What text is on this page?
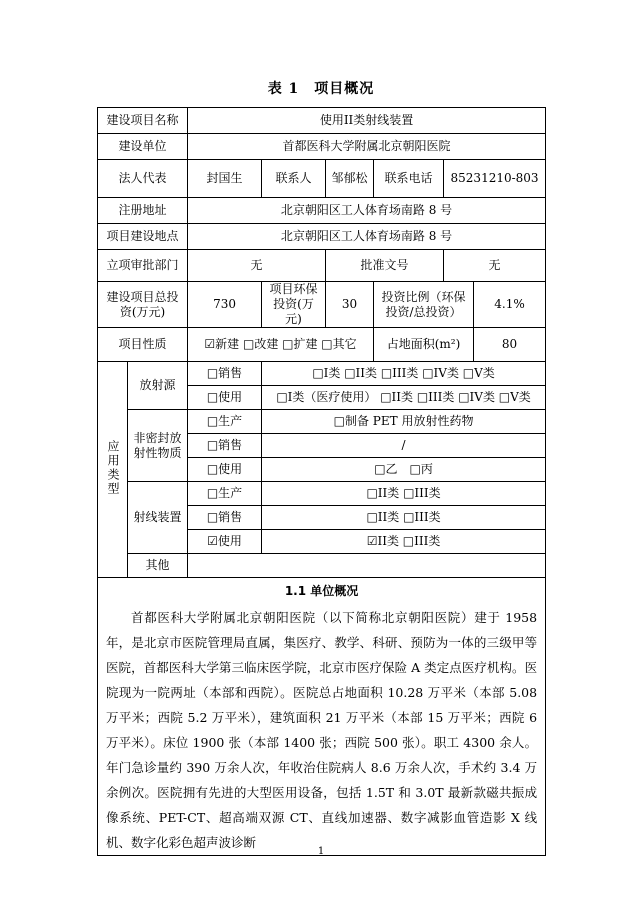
表 1　项目概况
建设项目名称		使用II类射线装置					
建设单位		首都医科大学附属北京朝阳医院					
法人代表		封国生	联系人	邹郁松	联系电话	85231210-803	
注册地址		北京朝阳区工人体育场南路 8 号					
项目建设地点		北京朝阳区工人体育场南路 8 号					
立项审批部门		无		批准文号		无	
建设项目总投资(万元)		730	项目环保投资(万元)	30	投资比例（环保投资/总投资）		4.1%
项目性质		☑新建 □改建 □扩建 □其它			占地面积(m²)		80
应用类型	放射源	□销售	□I类 □II类 □III类 □IV类 □V类				
		□使用	□I类（医疗使用） □II类 □III类 □IV类 □V类				
	非密封放射性物质	□生产	□制备 PET 用放射性药物				
		□销售	/				
		□使用	□乙　□丙				
	射线装置	□生产	□II类 □III类				
		□销售	□II类 □III类				
		☑使用	☑II类 □III类				
	其他						

1.1 单位概况
首都医科大学附属北京朝阳医院（以下简称北京朝阳医院）建于 1958 年，是北京市医院管理局直属，集医疗、教学、科研、预防为一体的三级甲等医院，首都医科大学第三临床医学院，北京市医疗保险 A 类定点医疗机构。医院现为一院两址（本部和西院）。医院总占地面积 10.28 万平米（本部 5.08 万平米；西院 5.2 万平米），建筑面积 21 万平米（本部 15 万平米；西院 6 万平米）。床位 1900 张（本部 1400 张；西院 500 张）。职工 4300 余人。年门急诊量约 390 万余人次，年收治住院病人 8.6 万余人次，手术约 3.4 万余例次。医院拥有先进的大型医用设备，包括 1.5T 和 3.0T 最新款磁共振成像系统、PET-CT、超高端双源 CT、直线加速器、数字减影血管造影 X 线机、数字化彩色超声波诊断							
1
